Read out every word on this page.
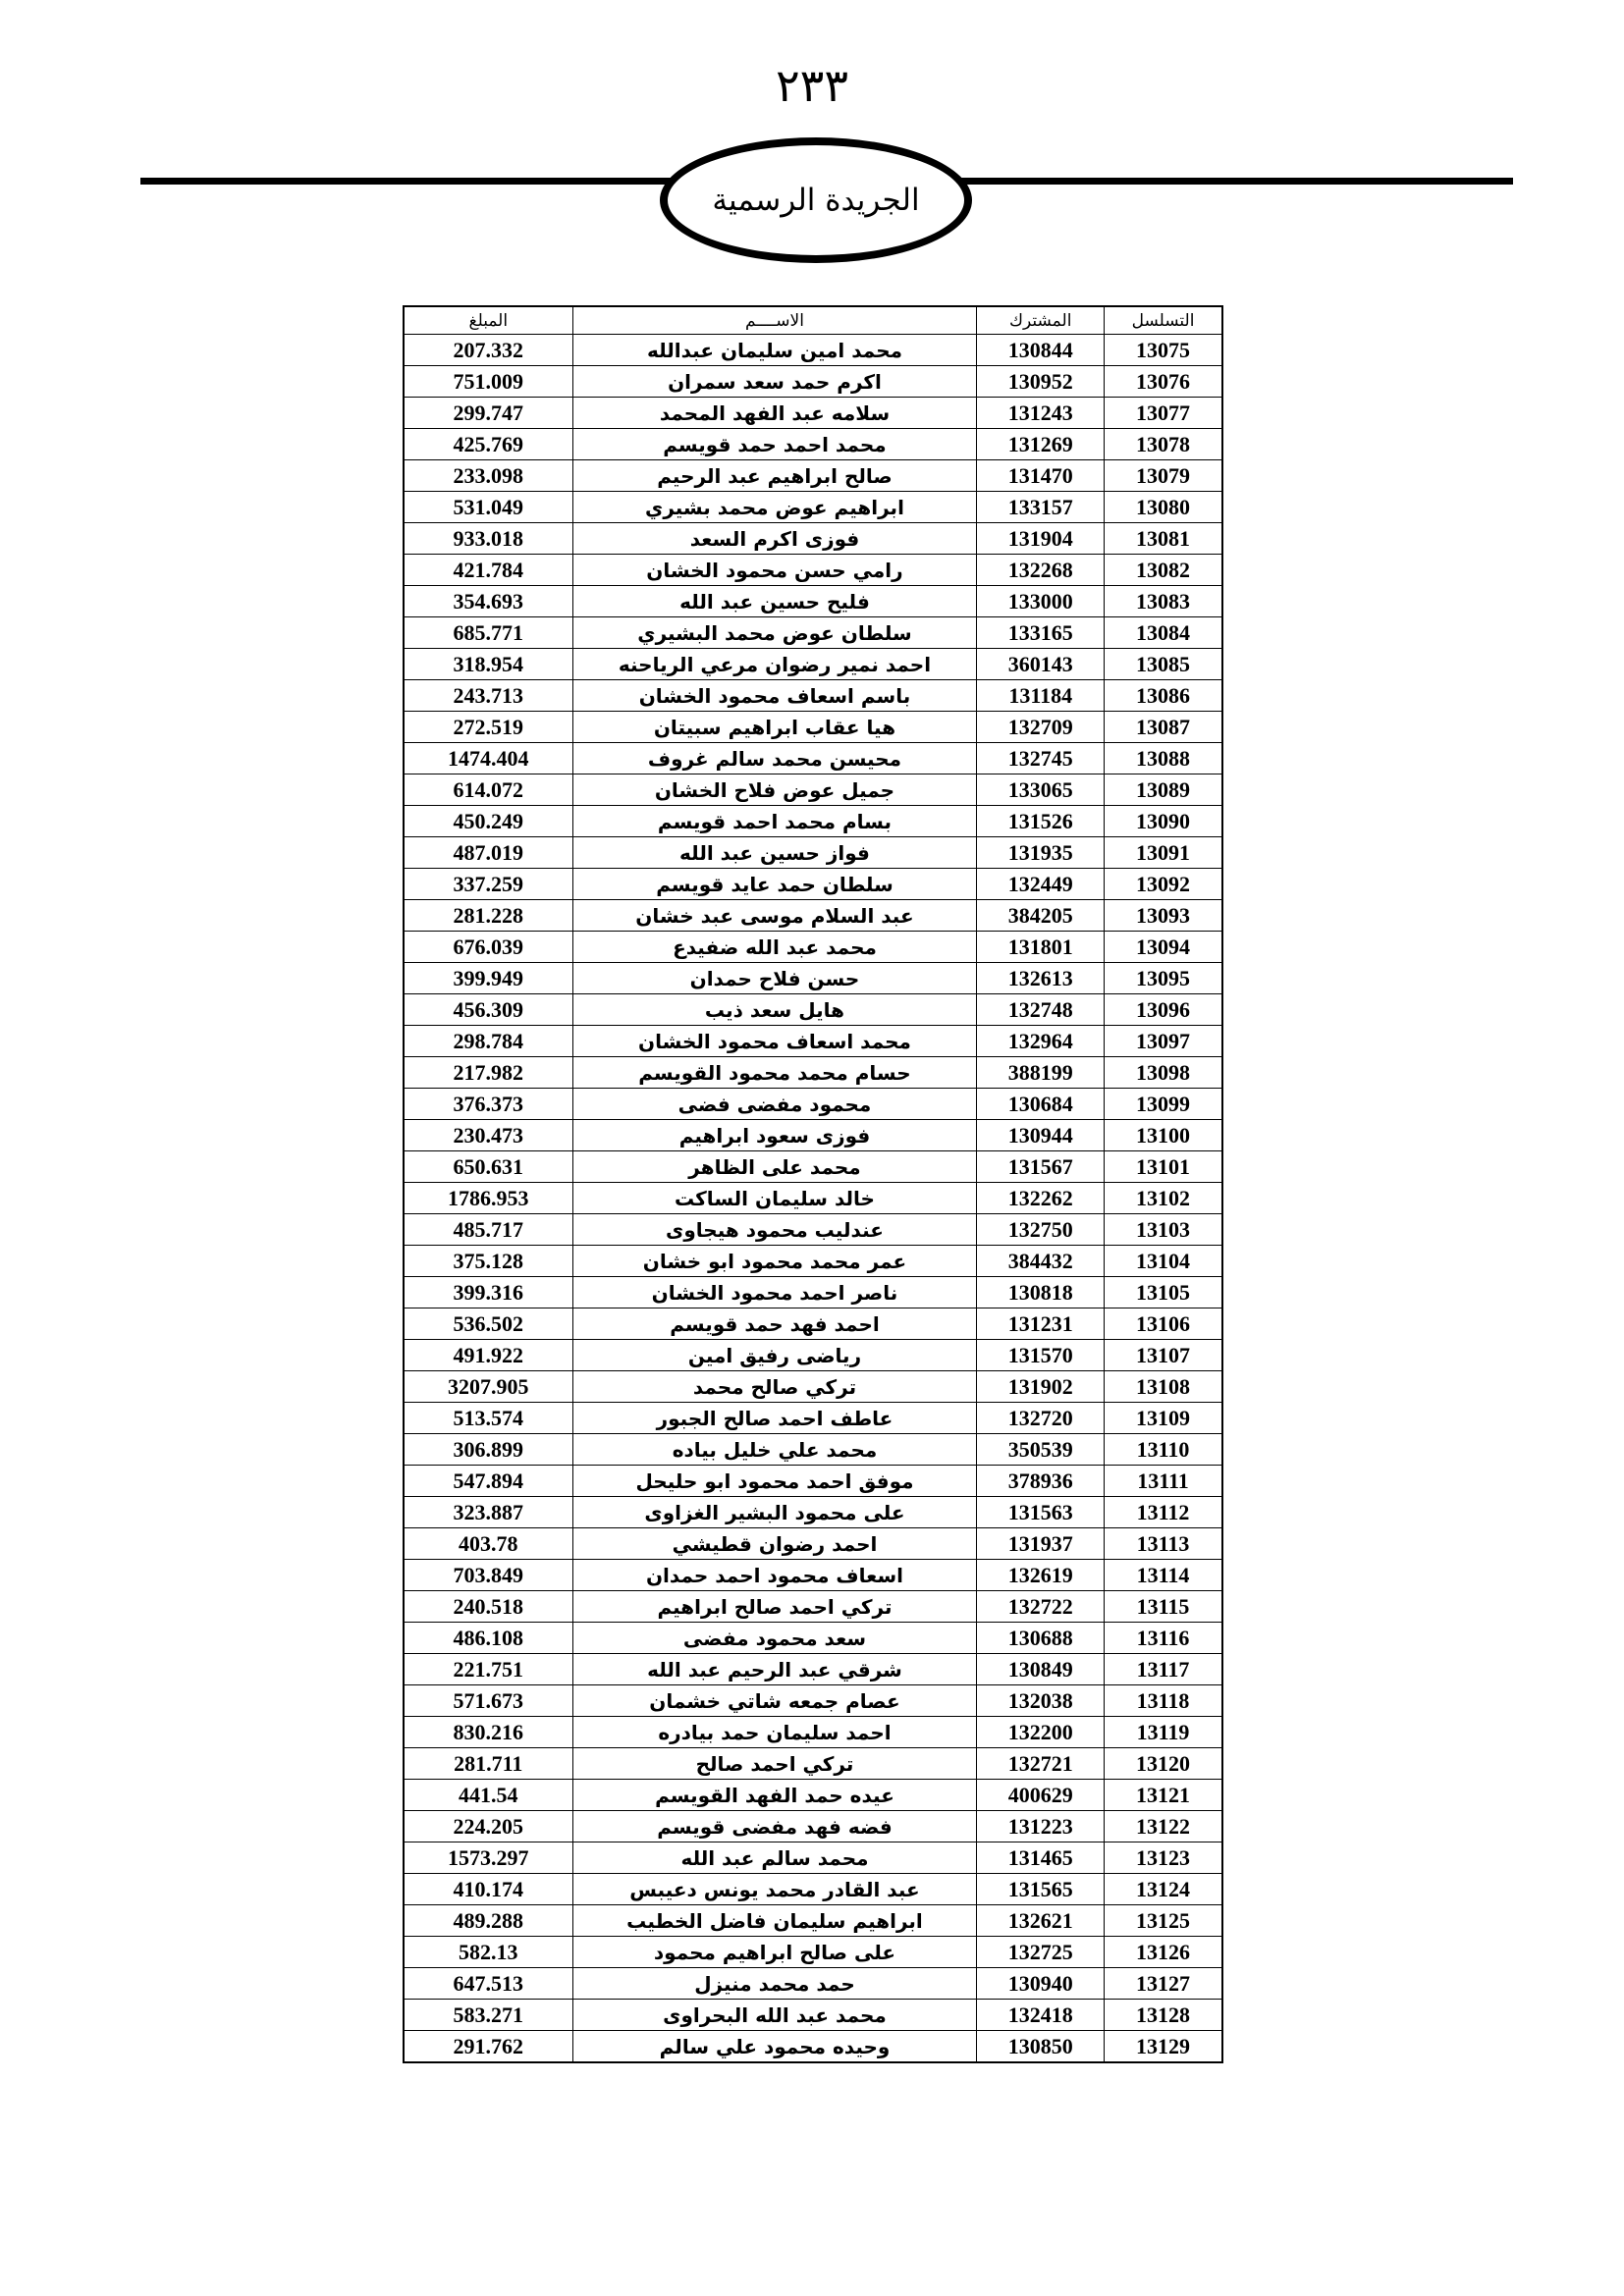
٢٣٣
الجريدة الرسمية
التسلسل	المشترك	الاســــم	المبلغ
13075	130844	محمد امين سليمان عبدالله	207.332
13076	130952	اكرم حمد سعد سمران	751.009
13077	131243	سلامه عبد الفهد المحمد	299.747
13078	131269	محمد احمد حمد قويسم	425.769
13079	131470	صالح ابراهيم عبد الرحيم	233.098
13080	133157	ابراهيم عوض محمد بشيري	531.049
13081	131904	فوزى اكرم السعد	933.018
13082	132268	رامي حسن محمود الخشان	421.784
13083	133000	فليح حسين عبد الله	354.693
13084	133165	سلطان عوض محمد البشيري	685.771
13085	360143	احمد نمير رضوان مرعي الرياحنه	318.954
13086	131184	باسم اسعاف محمود الخشان	243.713
13087	132709	هيا عقاب ابراهيم سبيتان	272.519
13088	132745	محيسن محمد سالم غروف	1474.404
13089	133065	جميل عوض فلاح الخشان	614.072
13090	131526	بسام محمد احمد قويسم	450.249
13091	131935	فواز حسين عبد الله	487.019
13092	132449	سلطان حمد عايد قويسم	337.259
13093	384205	عبد السلام موسى عبد خشان	281.228
13094	131801	محمد عبد الله ضفيدع	676.039
13095	132613	حسن فلاح حمدان	399.949
13096	132748	هايل سعد ذيب	456.309
13097	132964	محمد اسعاف محمود الخشان	298.784
13098	388199	حسام محمد محمود القويسم	217.982
13099	130684	محمود مفضى فضى	376.373
13100	130944	فوزى سعود ابراهيم	230.473
13101	131567	محمد على الظاهر	650.631
13102	132262	خالد سليمان الساكت	1786.953
13103	132750	عندليب محمود هيجاوى	485.717
13104	384432	عمر محمد محمود ابو خشان	375.128
13105	130818	ناصر احمد محمود الخشان	399.316
13106	131231	احمد فهد حمد قويسم	536.502
13107	131570	رياضى رفيق امين	491.922
13108	131902	تركي صالح محمد	3207.905
13109	132720	عاطف احمد صالح الجبور	513.574
13110	350539	محمد علي خليل بياده	306.899
13111	378936	موفق احمد محمود ابو حليحل	547.894
13112	131563	على محمود البشير الغزاوى	323.887
13113	131937	احمد رضوان قطيشي	403.78
13114	132619	اسعاف محمود احمد حمدان	703.849
13115	132722	تركي احمد صالح ابراهيم	240.518
13116	130688	سعد محمود مفضى	486.108
13117	130849	شرقي عبد الرحيم عبد الله	221.751
13118	132038	عصام جمعه شاتي خشمان	571.673
13119	132200	احمد سليمان حمد بيادره	830.216
13120	132721	تركي احمد صالح	281.711
13121	400629	عيده حمد الفهد القويسم	441.54
13122	131223	فضه فهد مفضى قويسم	224.205
13123	131465	محمد سالم عبد الله	1573.297
13124	131565	عبد القادر محمد يونس دعيبس	410.174
13125	132621	ابراهيم سليمان فاضل الخطيب	489.288
13126	132725	على صالح ابراهيم محمود	582.13
13127	130940	حمد محمد منيزل	647.513
13128	132418	محمد عبد الله البحراوى	583.271
13129	130850	وحيده محمود علي سالم	291.762
